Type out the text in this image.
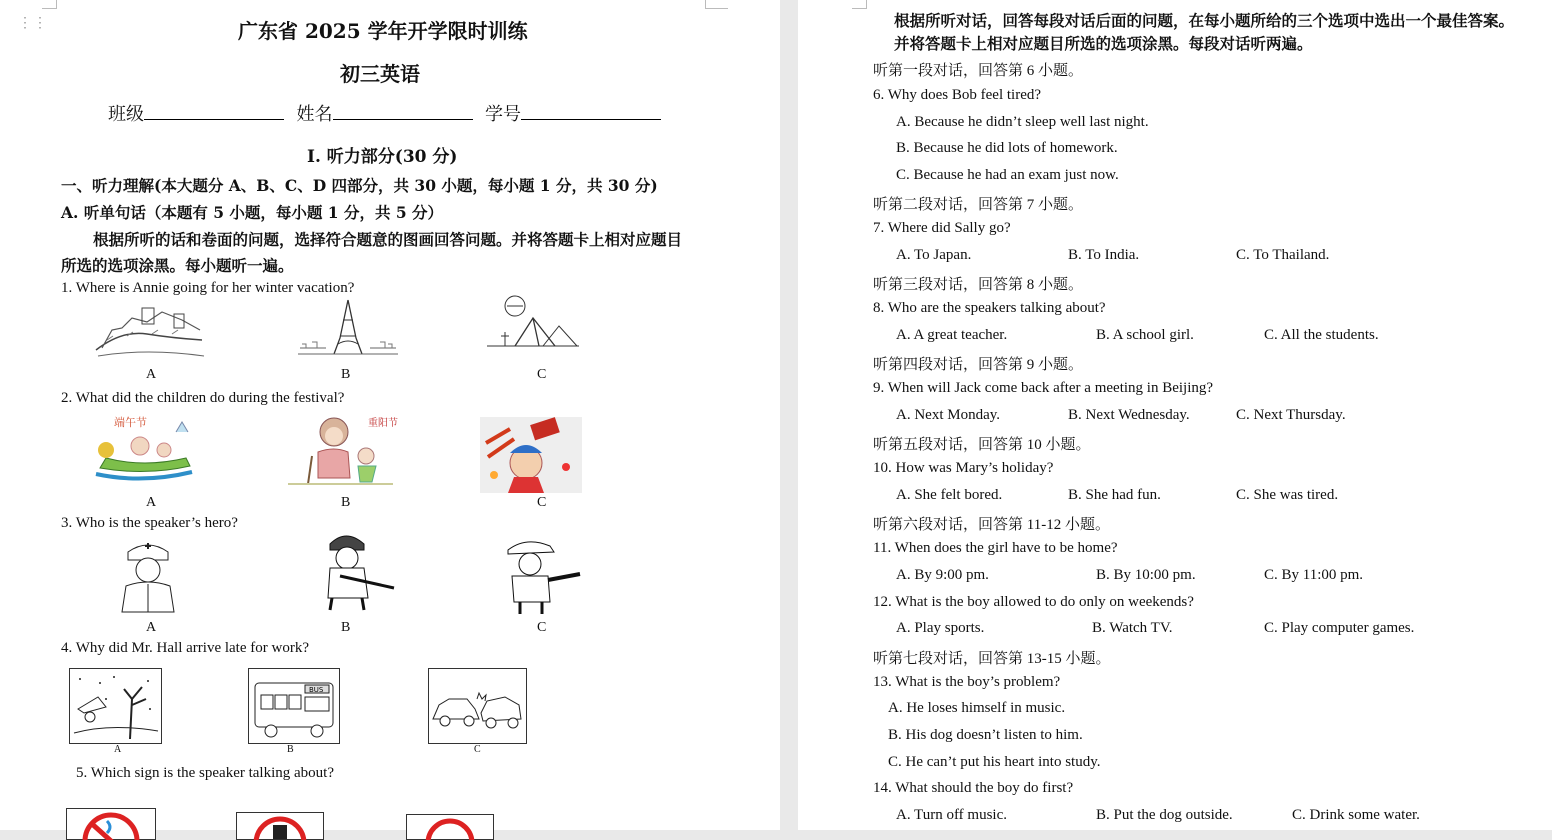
⋮⋮	广东省 2025 学年开学限时训练
初三英语
班级	姓名	学号
Ⅰ. 听力部分(30 分)
一、听力理解(本大题分 A、B、C、D 四部分，共 30 小题，每小题 1 分，共 30 分)
A. 听单句话（本题有 5 小题，每小题 1 分，共 5 分）
根据所听的话和卷面的问题，选择符合题意的图画回答问题。并将答题卡上相对应题目
所选的选项涂黑。每小题听一遍。
1. Where is Annie going for her winter vacation?
A	B	C
2. What did the children do during the festival?
端午节	重阳节
A	B	C
3. Who is the speaker’s hero?
A	B	C
4. Why did Mr. Hall arrive late for work?
BUS
A	B	C
5. Which sign is the speaker talking about?
根据所听对话，回答每段对话后面的问题，在每小题所给的三个选项中选出一个最佳答案。
并将答题卡上相对应题目所选的选项涂黑。每段对话听两遍。
听第一段对话，回答第 6 小题。
6. Why does Bob feel tired?
A. Because he didn’t sleep well last night.
B. Because he did lots of homework.
C. Because he had an exam just now.
听第二段对话，回答第 7 小题。
7. Where did Sally go?
A. To Japan.	B. To India.	C. To Thailand.
听第三段对话，回答第 8 小题。
8. Who are the speakers talking about?
A. A great teacher.	B. A school girl.	C. All the students.
听第四段对话，回答第 9 小题。
9. When will Jack come back after a meeting in Beijing?
A. Next Monday.	B. Next Wednesday.	C. Next Thursday.
听第五段对话，回答第 10 小题。
10. How was Mary’s holiday?
A. She felt bored.	B. She had fun.	C. She was tired.
听第六段对话，回答第 11-12 小题。
11. When does the girl have to be home?
A. By 9:00 pm.	B. By 10:00 pm.	C. By 11:00 pm.
12. What is the boy allowed to do only on weekends?
A. Play sports.	B. Watch TV.	C. Play computer games.
听第七段对话，回答第 13-15 小题。
13. What is the boy’s problem?
A. He loses himself in music.
B. His dog doesn’t listen to him.
C. He can’t put his heart into study.
14. What should the boy do first?
A. Turn off music.	B. Put the dog outside.	C. Drink some water.
